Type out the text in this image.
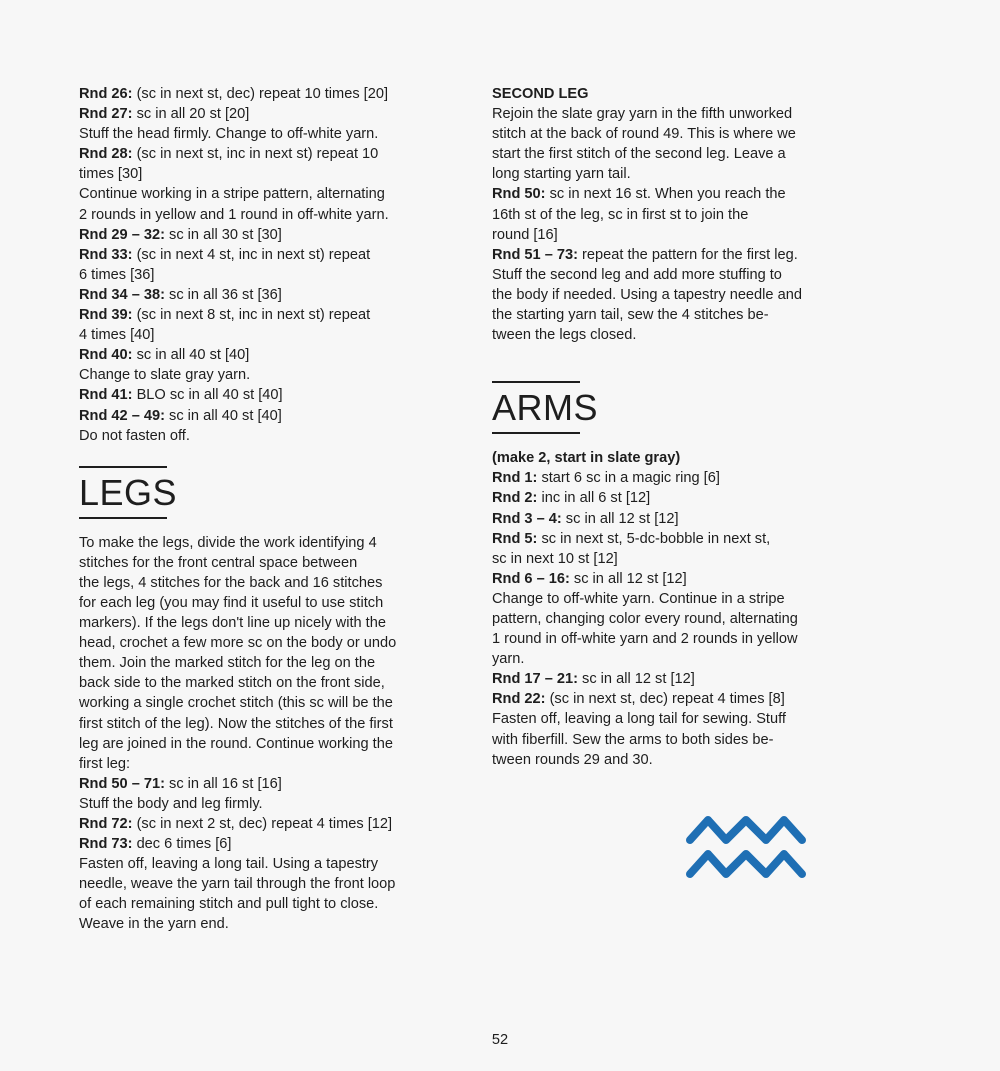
Rnd 26: (sc in next st, dec) repeat 10 times [20]

Rnd 27: sc in all 20 st [20]

Stuff the head firmly. Change to off-white yarn.

Rnd 28: (sc in next st, inc in next st) repeat 10

times [30]

Continue working in a stripe pattern, alternating

2 rounds in yellow and 1 round in off-white yarn.

Rnd 29 – 32: sc in all 30 st [30]

Rnd 33: (sc in next 4 st, inc in next st) repeat

6 times [36]

Rnd 34 – 38: sc in all 36 st [36]

Rnd 39: (sc in next 8 st, inc in next st) repeat

4 times [40]

Rnd 40: sc in all 40 st [40]

Change to slate gray yarn.

Rnd 41: BLO sc in all 40 st [40]

Rnd 42 – 49: sc in all 40 st [40]

Do not fasten off.

LEGS

To make the legs, divide the work identifying 4

stitches for the front central space between

the legs, 4 stitches for the back and 16 stitches

for each leg (you may find it useful to use stitch

markers). If the legs don't line up nicely with the

head, crochet a few more sc on the body or undo

them. Join the marked stitch for the leg on the

back side to the marked stitch on the front side,

working a single crochet stitch (this sc will be the

first stitch of the leg). Now the stitches of the first

leg are joined in the round. Continue working the

first leg:

Rnd 50 – 71: sc in all 16 st [16]

Stuff the body and leg firmly.

Rnd 72: (sc in next 2 st, dec) repeat 4 times [12]

Rnd 73: dec 6 times [6]

Fasten off, leaving a long tail. Using a tapestry

needle, weave the yarn tail through the front loop

of each remaining stitch and pull tight to close.

Weave in the yarn end.

SECOND LEG

Rejoin the slate gray yarn in the fifth unworked

stitch at the back of round 49. This is where we

start the first stitch of the second leg. Leave a

long starting yarn tail.

Rnd 50: sc in next 16 st. When you reach the

16th st of the leg, sc in first st to join the

round [16]

Rnd 51 – 73: repeat the pattern for the first leg.

Stuff the second leg and add more stuffing to

the body if needed. Using a tapestry needle and

the starting yarn tail, sew the 4 stitches be-

tween the legs closed.

ARMS
(make 2, start in slate gray)

Rnd 1: start 6 sc in a magic ring [6]

Rnd 2: inc in all 6 st [12]

Rnd 3 – 4: sc in all 12 st [12]

Rnd 5: sc in next st, 5-dc-bobble in next st,

sc in next 10 st [12]

Rnd 6 – 16: sc in all 12 st [12]

Change to off-white yarn. Continue in a stripe

pattern, changing color every round, alternating

1 round in off-white yarn and 2 rounds in yellow

yarn.

Rnd 17 – 21: sc in all 12 st [12]

Rnd 22: (sc in next st, dec) repeat 4 times [8]

Fasten off, leaving a long tail for sewing. Stuff

with fiberfill. Sew the arms to both sides be-

tween rounds 29 and 30.

52
